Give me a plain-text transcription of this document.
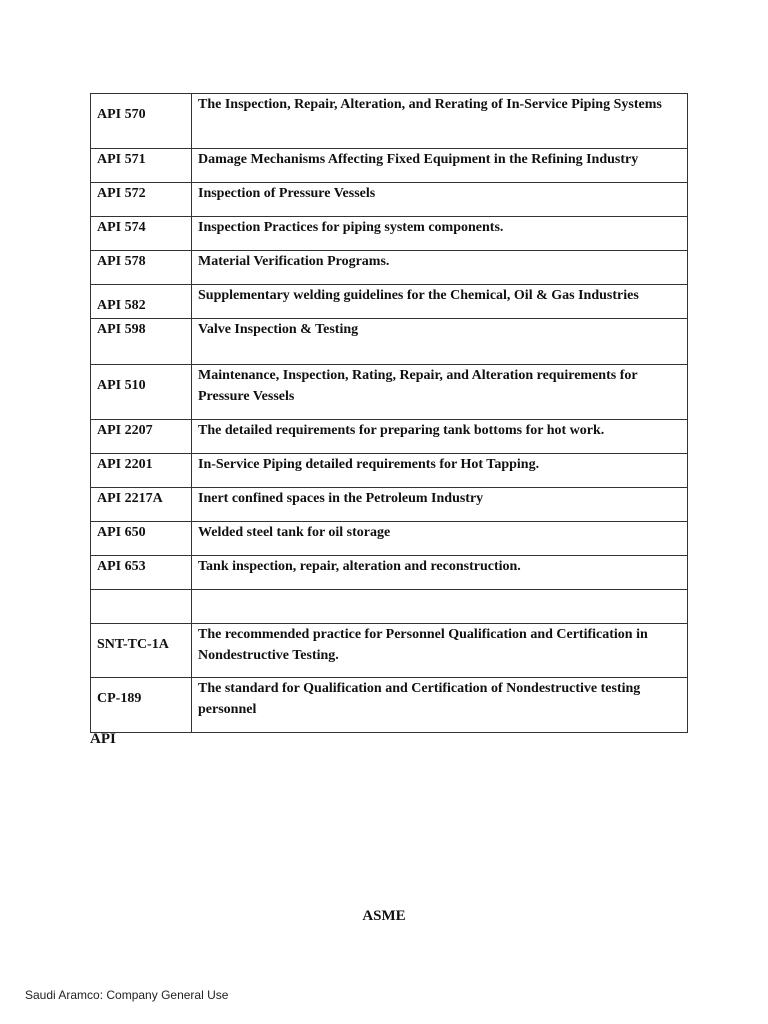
API 570	The Inspection, Repair, Alteration, and Rerating of In-Service Piping Systems
API 571	Damage Mechanisms Affecting Fixed Equipment in the Refining Industry
API 572	Inspection of Pressure Vessels
API 574	Inspection Practices for piping system components.
API 578	Material Verification Programs.
API 582	Supplementary welding guidelines for the Chemical, Oil & Gas Industries
API 598	Valve Inspection & Testing
API 510	Maintenance, Inspection, Rating, Repair, and Alteration requirements for Pressure Vessels
API 2207	The detailed requirements for preparing tank bottoms for hot work.
API 2201	In-Service Piping detailed requirements for Hot Tapping.
API 2217A	Inert confined spaces in the Petroleum Industry
API 650	Welded steel tank for oil storage
API 653	Tank inspection, repair, alteration and reconstruction.

SNT-TC-1A	The recommended practice for Personnel Qualification and Certification in Nondestructive Testing.
CP-189	The standard for Qualification and Certification of Nondestructive testing personnel
API
ASME
Saudi Aramco: Company General Use
